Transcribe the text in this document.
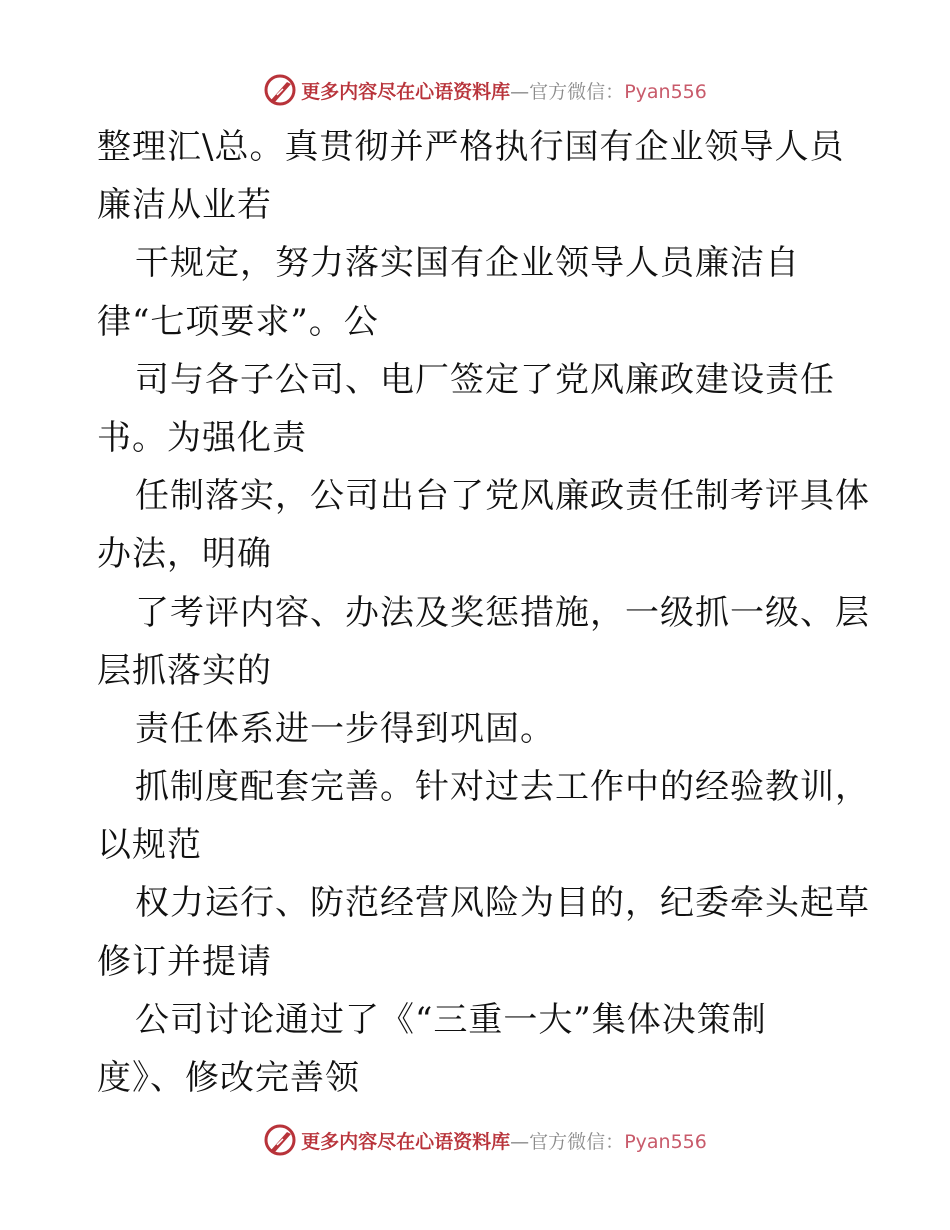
更多内容尽在心语资料库—官方微信：Pyan556
整理汇\总。真贯彻并严格执行国有企业领导人员
廉洁从业若
干规定，努力落实国有企业领导人员廉洁自
律“七项要求”。公
司与各子公司、电厂签定了党风廉政建设责任
书。为强化责
任制落实，公司出台了党风廉政责任制考评具体
办法，明确
了考评内容、办法及奖惩措施，一级抓一级、层
层抓落实的
责任体系进一步得到巩固。
抓制度配套完善。针对过去工作中的经验教训，
以规范
权力运行、防范经营风险为目的，纪委牵头起草
修订并提请
公司讨论通过了《“三重一大”集体决策制
度》、修改完善领
更多内容尽在心语资料库—官方微信：Pyan556
